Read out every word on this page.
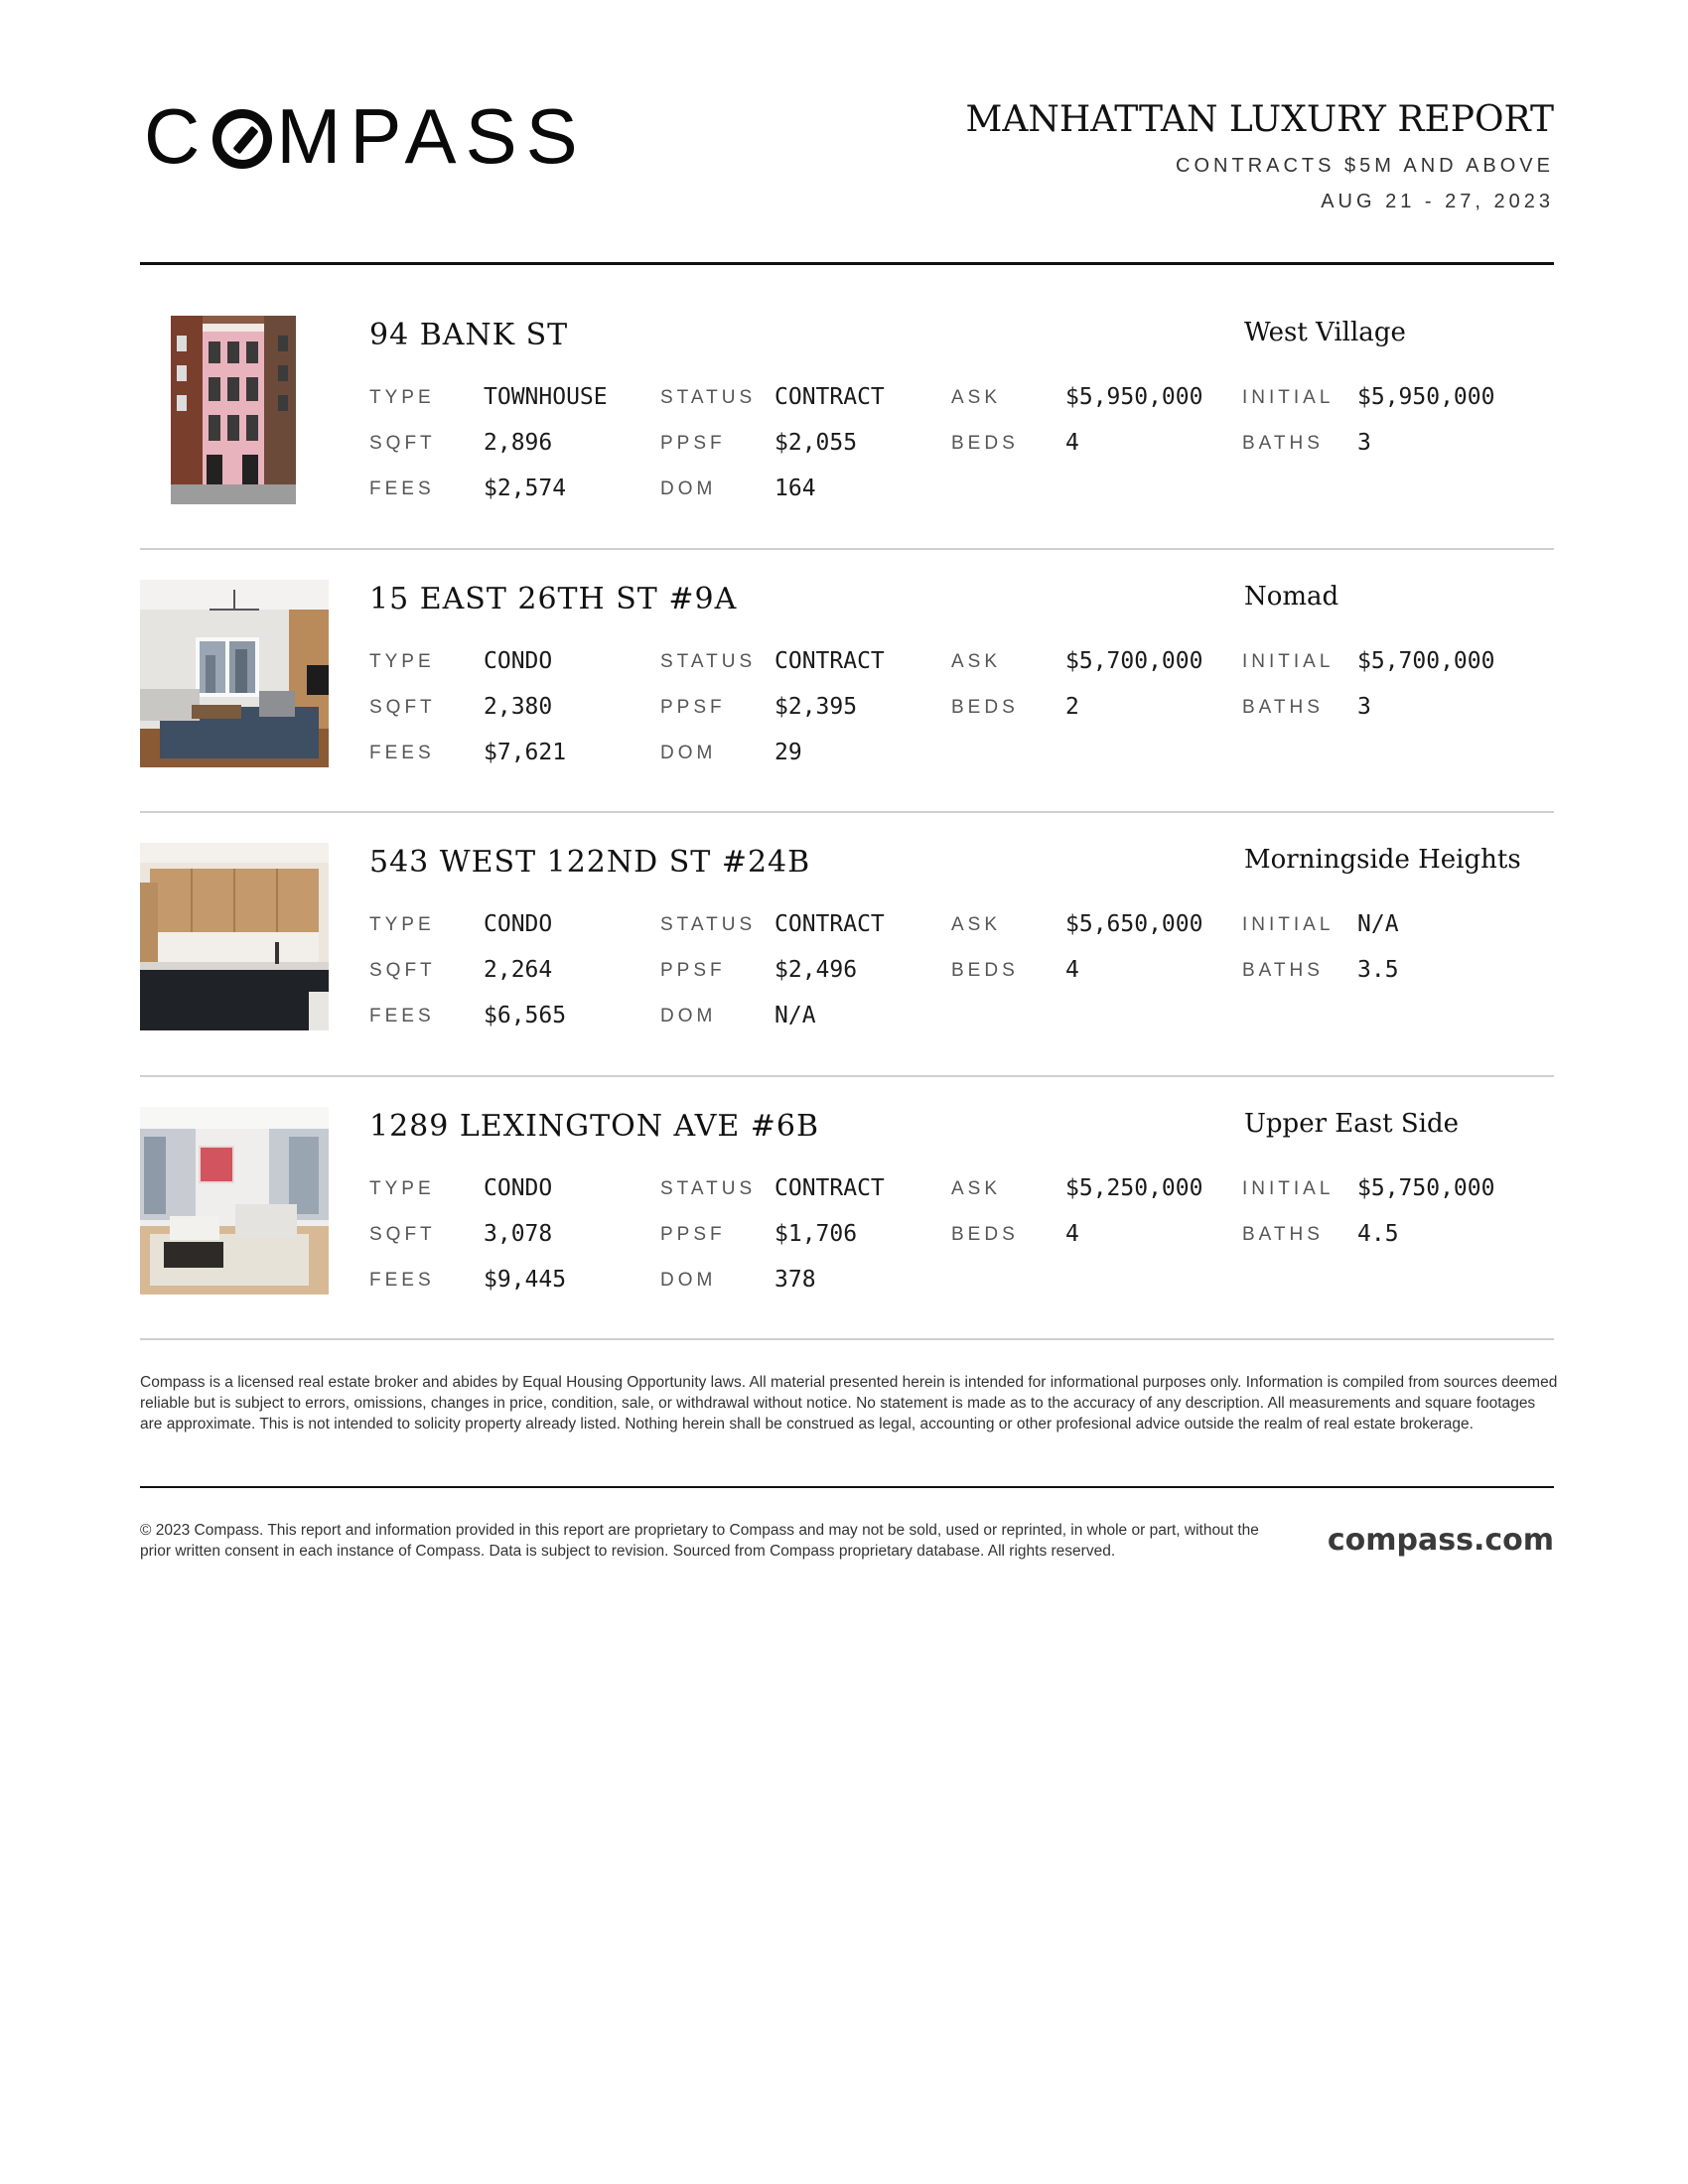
C MPASS	MANHATTAN LUXURY REPORT
CONTRACTS $5M AND ABOVE
AUG 21 - 27, 2023
94 BANK ST	West Village
TYPE TOWNHOUSE	STATUS CONTRACT	ASK	$5,950,000 INITIAL $5,950,000
SQFT 2,896	PPSF $2,055	BEDS 4	BATHS 3
FEES $2,574	DOM	164
15 EAST 26TH ST #9A	Nomad
TYPE CONDO	STATUS CONTRACT	ASK	$5,700,000 INITIAL $5,700,000
SQFT 2,380	PPSF $2,395	BEDS 2	BATHS 3
FEES $7,621	DOM	29
543 WEST 122ND ST #24B	Morningside Heights
TYPE CONDO	STATUS CONTRACT	ASK	$5,650,000 INITIAL N/A
SQFT 2,264	PPSF $2,496	BEDS 4	BATHS 3.5
FEES $6,565	DOM	N/A
1289 LEXINGTON AVE #6B	Upper East Side
TYPE CONDO	STATUS CONTRACT	ASK	$5,250,000 INITIAL $5,750,000
SQFT 3,078	PPSF $1,706	BEDS 4	BATHS 4.5
FEES $9,445	DOM	378
Compass is a licensed real estate broker and abides by Equal Housing Opportunity laws. All material presented herein is intended for informational purposes only. Information is compiled from sources deemed reliable but is subject to errors, omissions, changes in price, condition, sale, or withdrawal without notice. No statement is made as to the accuracy of any description. All measurements and square footages are approximate. This is not intended to solicity property already listed. Nothing herein shall be construed as legal, accounting or other profesional advice outside the realm of real estate brokerage.
© 2023 Compass. This report and information provided in this report are proprietary to Compass and may not be sold, used or reprinted, in whole or part, without the prior written consent in each instance of Compass. Data is subject to revision. Sourced from Compass proprietary database. All rights reserved.	compass.com
